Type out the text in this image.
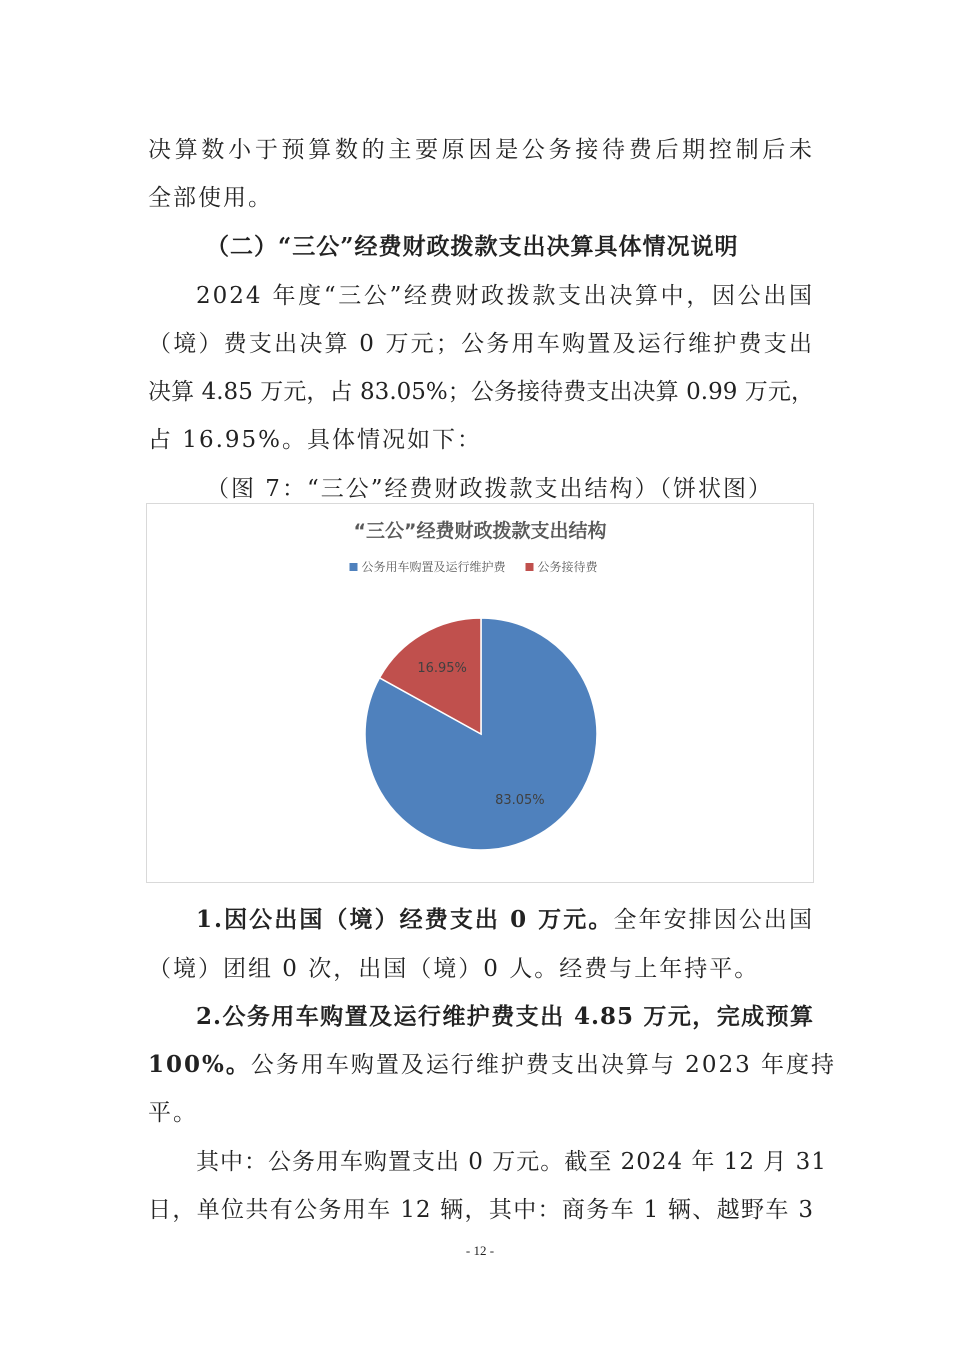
决算数小于预算数的主要原因是公务接待费后期控制后未
全部使用。
（二）“三公”经费财政拨款支出决算具体情况说明
2024 年度“三公”经费财政拨款支出决算中，因公出国
（境）费支出决算 0 万元；公务用车购置及运行维护费支出
决算 4.85 万元，占 83.05%；公务接待费支出决算 0.99 万元，
占 16.95%。具体情况如下：
（图 7：“三公”经费财政拨款支出结构）（饼状图）
“三公”经费财政拨款支出结构
公务用车购置及运行维护费	公务接待费
83.05%
16.95%
1.因公出国（境）经费支出 0 万元。全年安排因公出国
（境）团组 0 次，出国（境）0 人。经费与上年持平。
2.公务用车购置及运行维护费支出 4.85 万元，完成预算
100%。公务用车购置及运行维护费支出决算与 2023 年度持
平。
其中：公务用车购置支出 0 万元。截至 2024 年 12 月 31
日，单位共有公务用车 12 辆，其中：商务车 1 辆、越野车 3
- 12 -
